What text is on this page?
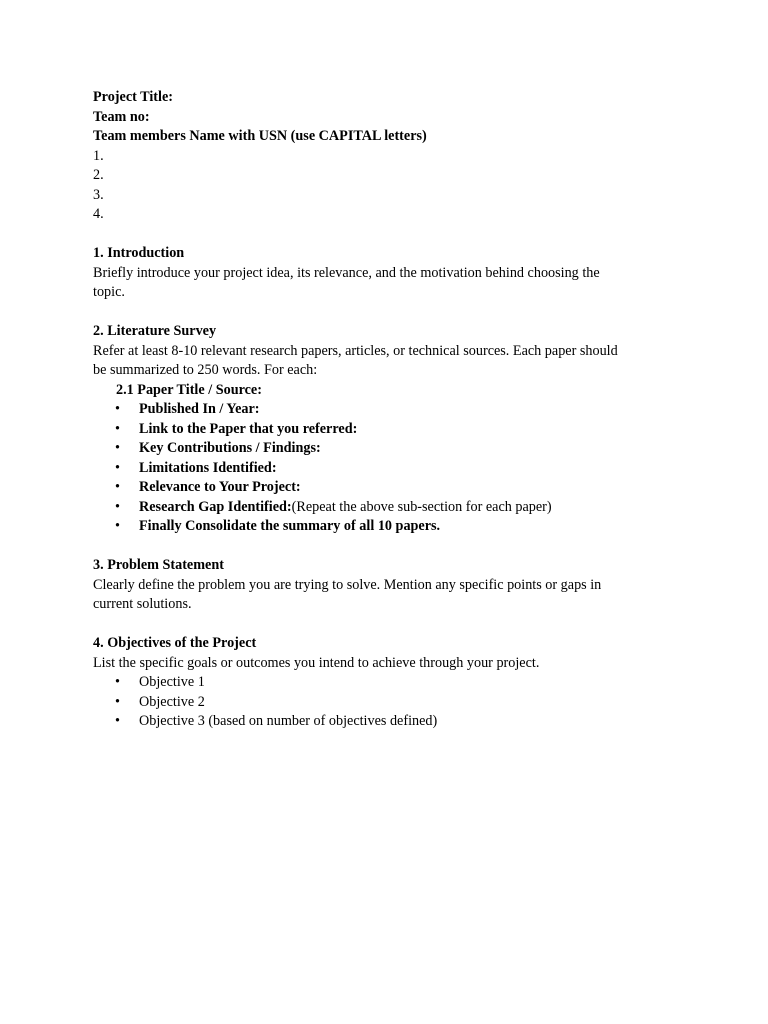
Project Title:
Team no:
Team members Name with USN (use CAPITAL letters)
1.
2.
3.
4.
1. Introduction
Briefly introduce your project idea, its relevance, and the motivation behind choosing the
topic.
2. Literature Survey
Refer at least 8-10 relevant research papers, articles, or technical sources. Each paper should
be summarized to 250 words. For each:
2.1 Paper Title / Source:
• Published In / Year:
• Link to the Paper that you referred:
• Key Contributions / Findings:
• Limitations Identified:
• Relevance to Your Project:
• Research Gap Identified:(Repeat the above sub-section for each paper)
• Finally Consolidate the summary of all 10 papers.
3. Problem Statement
Clearly define the problem you are trying to solve. Mention any specific points or gaps in
current solutions.
4. Objectives of the Project
List the specific goals or outcomes you intend to achieve through your project.
• Objective 1
• Objective 2
• Objective 3 (based on number of objectives defined)
